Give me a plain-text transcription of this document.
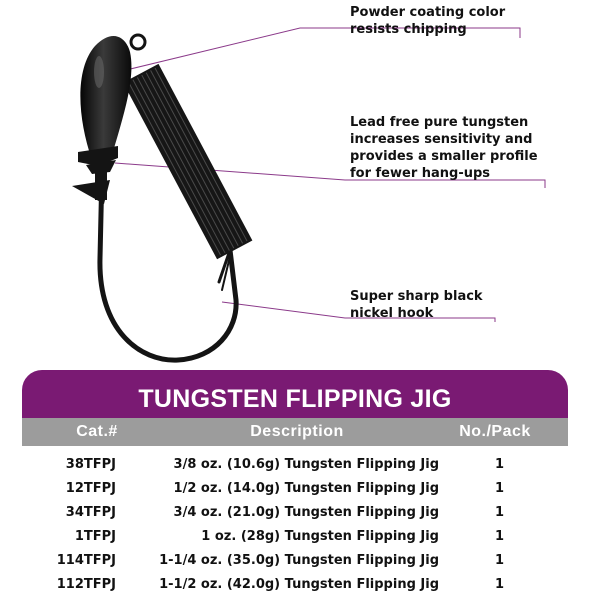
Powder coating color
resists chipping

Lead free pure tungsten
increases sensitivity and
provides a smaller profile
for fewer hang-ups

Super sharp black
nickel hook

TUNGSTEN FLIPPING JIG
Cat.#	Description	No./Pack
38TFPJ	3/8 oz. (10.6g) Tungsten Flipping Jig	1
12TFPJ	1/2 oz. (14.0g) Tungsten Flipping Jig	1
34TFPJ	3/4 oz. (21.0g) Tungsten Flipping Jig	1
1TFPJ	1 oz. (28g) Tungsten Flipping Jig	1
114TFPJ	1-1/4 oz. (35.0g) Tungsten Flipping Jig	1
112TFPJ	1-1/2 oz. (42.0g) Tungsten Flipping Jig	1
